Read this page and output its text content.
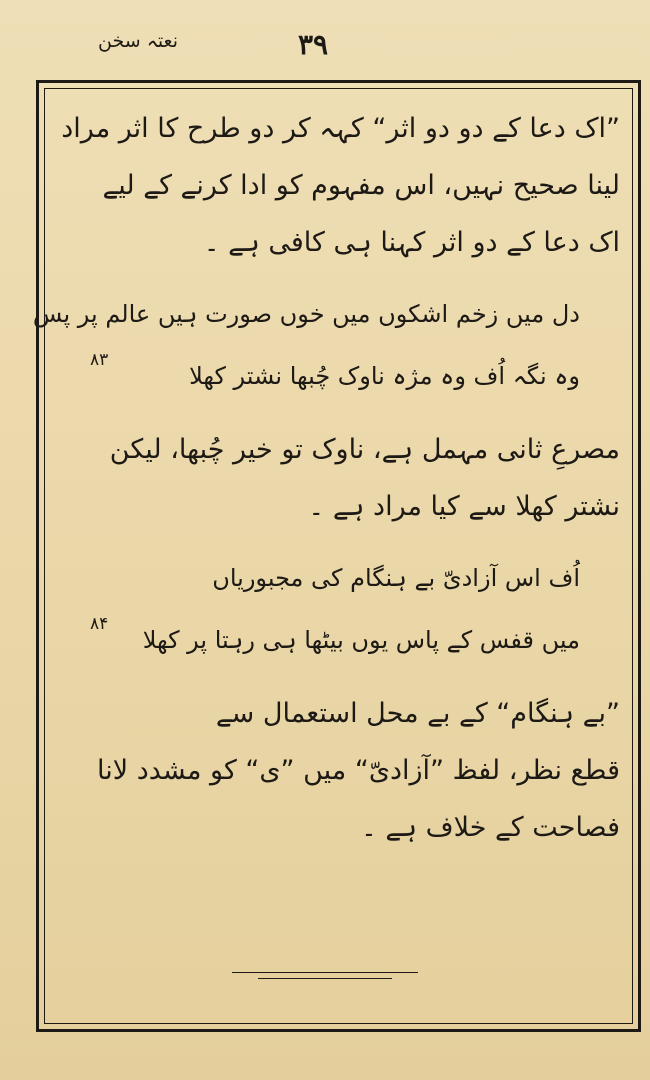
نعتہ سخن	۳۹

”اک دعا کے دو دو اثر“ کہہ کر دو طرح کا اثر مراد

لینا صحیح نہیں، اس مفہوم کو ادا کرنے کے لیے

اک دعا کے دو اثر کہنا ہی کافی ہے ۔

دل میں زخم اشکوں میں خوں صورت ہیں عالم پر پس
وہ نگہ اُف وہ مژہ ناوک چُبھا نشتر کھلا
۸۳

مصرعِ ثانی مہمل ہے، ناوک تو خیر چُبھا، لیکن

نشتر کھلا سے کیا مراد ہے ۔

اُف اس آزادیّ بے ہنگام کی مجبوریاں
میں قفس کے پاس یوں بیٹھا ہی رہتا پر کھلا
۸۴

”بے ہنگام“ کے بے محل استعمال سے

قطع نظر، لفظ ”آزادیّ“ میں ”ی“ کو مشدد لانا

فصاحت کے خلاف ہے ۔
